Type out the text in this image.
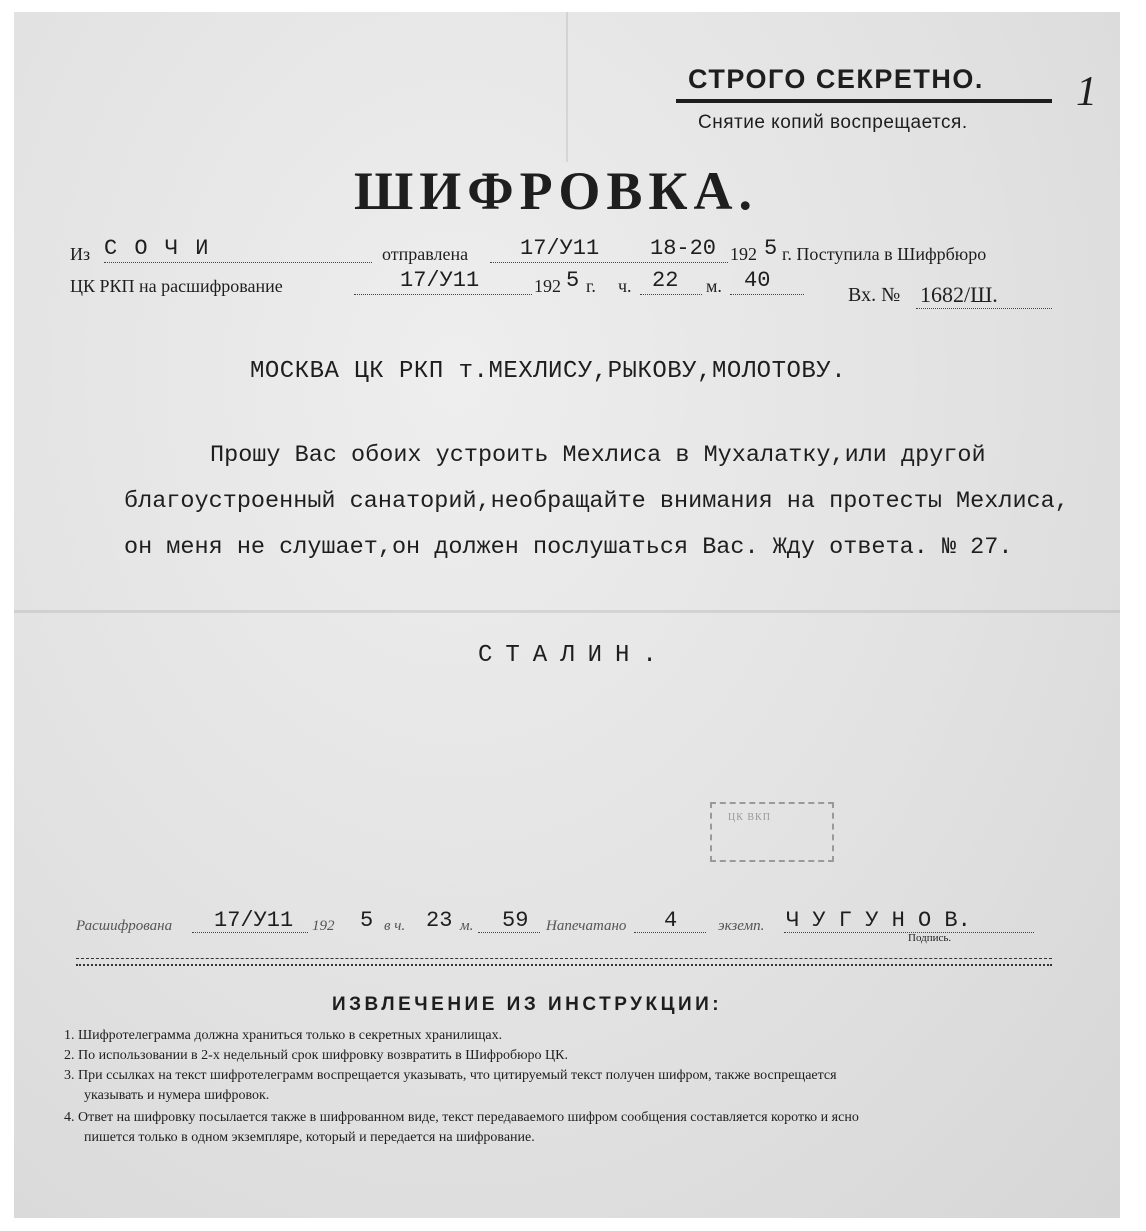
СТРОГО СЕКРЕТНО.
Снятие копий воспрещается.
1
ШИФРОВКА.
Из С О Ч И	отправлена 17/У11 18-20 192 5 г. Поступила в Шифрбюро
ЦК РКП на расшифрование	17/У11	192 5 г. ч. 22 м. 40
Вх. № 1682/Ш.
МОСКВА ЦК РКП т.МЕХЛИСУ,РЫКОВУ,МОЛОТОВУ.
Прошу Вас обоих устроить Мехлиса в Мухалатку,или другой
благоустроенный санаторий,необращайте внимания на протесты Мехлиса,
он меня не слушает,он должен послушаться Вас. Жду ответа. № 27.
СТАЛИН.
ЦК ВКП
Расшифрована 17/У11 192 5 в ч. 23 м. 59 Напечатано 4	экземп. Ч У Г У Н О В.
Подпись.
ИЗВЛЕЧЕНИЕ ИЗ ИНСТРУКЦИИ:
1. Шифротелеграмма должна храниться только в секретных хранилищах.
2. По использовании в 2-х недельный срок шифровку возвратить в Шифробюро ЦК.
3. При ссылках на текст шифротелеграмм воспрещается указывать, что цитируемый текст получен шифром, также воспрещается
указывать и нумера шифровок.
4. Ответ на шифровку посылается также в шифрованном виде, текст передаваемого шифром сообщения составляется коротко и ясно
пишется только в одном экземпляре, который и передается на шифрование.
